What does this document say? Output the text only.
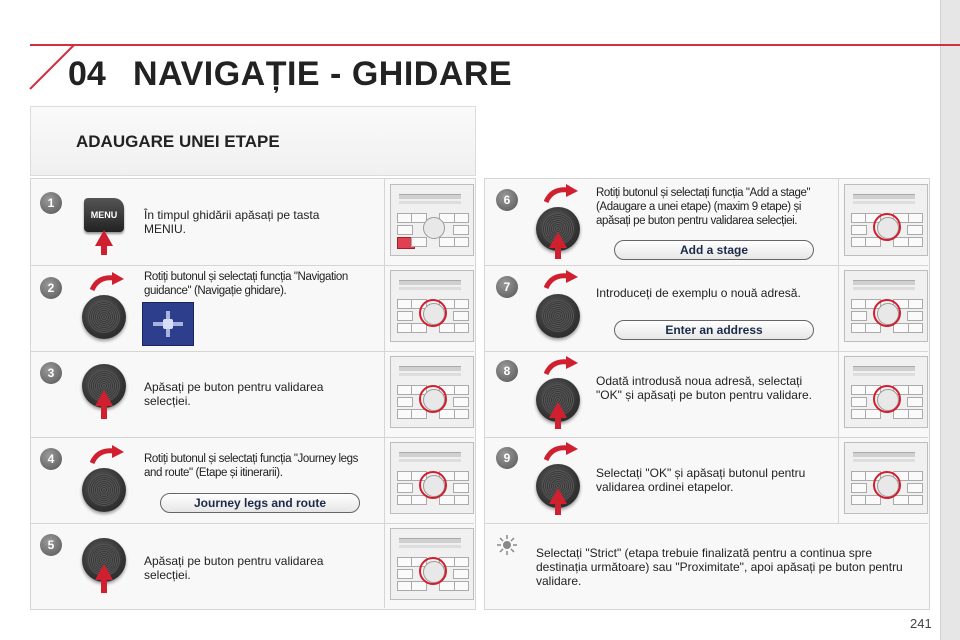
04 NAVIGAȚIE - GHIDARE
ADAUGARE UNEI ETAPE
1
MENU	În timpul ghidării apăsați pe tasta MENIU.
2
Rotiți butonul și selectați funcția "Navigation guidance" (Navigație ghidare).
3
Apăsați pe buton pentru validarea selecției.
4	Rotiți butonul și selectați funcția "Journey legs and route" (Etape și itinerarii).
Journey legs and route
5
Apăsați pe buton pentru validarea selecției.
6	Rotiți butonul și selectați funcția "Add a stage" (Adaugare a unei etape) (maxim 9 etape) și apăsați pe buton pentru validarea selecției.
Add a stage
7	Introduceți de exemplu o nouă adresă.
Enter an address
8
Odată introdusă noua adresă, selectați "OK" și apăsați pe buton pentru validare.
9
Selectați "OK" și apăsați butonul pentru validarea ordinei etapelor.
Selectați "Strict" (etapa trebuie finalizată pentru a continua spre destinația următoare) sau "Proximitate", apoi apăsați pe buton pentru validare.
241
